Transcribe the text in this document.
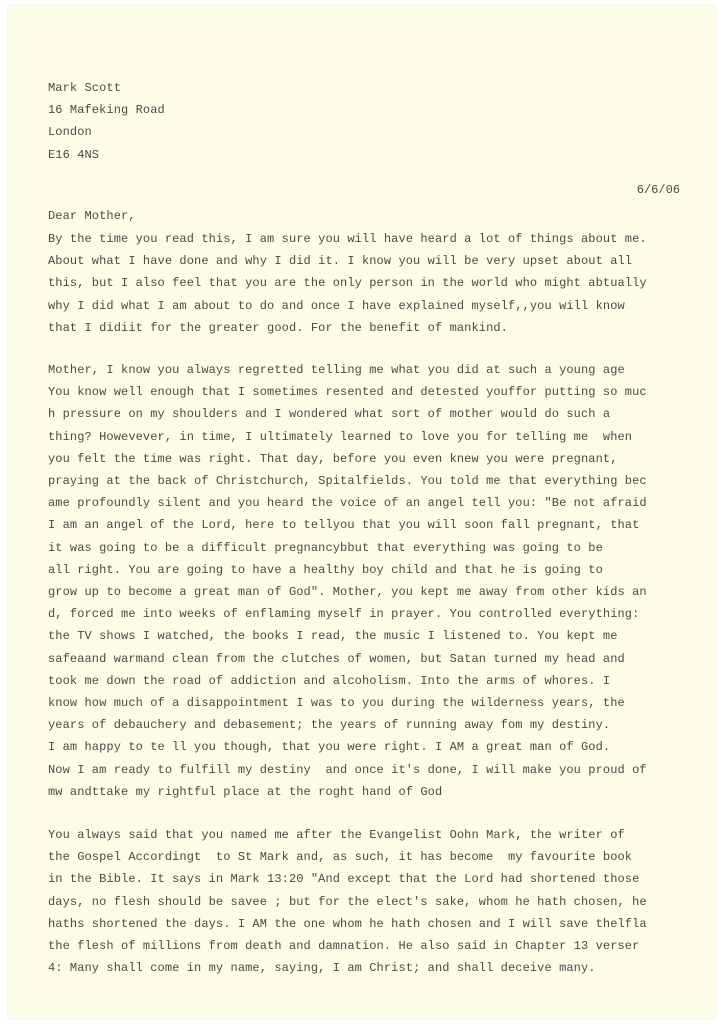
Mark Scott

16 Mafeking Road

London

E16 4NS

6/6/06

Dear Mother,

By the time you read this, I am sure you will have heard a lot of things about me.

About what I have done and why I did it. I know you will be very upset about all

this, but I also feel that you are the only person in the world who might abtually

why I did what I am about to do and once I have explained myself,,you will know

that I didiit for the greater good. For the benefit of mankind.

Mother, I know you always regretted telling me what you did at such a young age

You know well enough that I sometimes resented and detested youffor putting so muc

h pressure on my shoulders and I wondered what sort of mother would do such a

thing? Howevever, in time, I ultimately learned to love you for telling me  when

you felt the time was right. That day, before you even knew you were pregnant,

praying at the back of Christchurch, Spitalfields. You told me that everything bec

ame profoundly silent and you heard the voice of an angel tell you: "Be not afraid

I am an angel of the Lord, here to tellyou that you will soon fall pregnant, that

it was going to be a difficult pregnancybbut that everything was going to be

all right. You are going to have a healthy boy child and that he is going to

grow up to become a great man of God". Mother, you kept me away from other kids an

d, forced me into weeks of enflaming myself in prayer. You controlled everything:

the TV shows I watched, the books I read, the music I listened to. You kept me

safeaand warmand clean from the clutches of women, but Satan turned my head and

took me down the road of addiction and alcoholism. Into the arms of whores. I

know how much of a disappointment I was to you during the wilderness years, the

years of debauchery and debasement; the years of running away fom my destiny.

I am happy to te ll you though, that you were right. I AM a great man of God.

Now I am ready to fulfill my destiny  and once it's done, I will make you proud of

mw andttake my rightful place at the roght hand of God

You always said that you named me after the Evangelist Oohn Mark, the writer of

the Gospel Accordingt  to St Mark and, as such, it has become  my favourite book

in the Bible. It says in Mark 13:20 "And except that the Lord had shortened those

days, no flesh should be savee ; but for the elect's sake, whom he hath chosen, he

haths shortened the days. I AM the one whom he hath chosen and I will save thelfla

the flesh of millions from death and damnation. He also said in Chapter 13 verser

4: Many shall come in my name, saying, I am Christ; and shall deceive many.
